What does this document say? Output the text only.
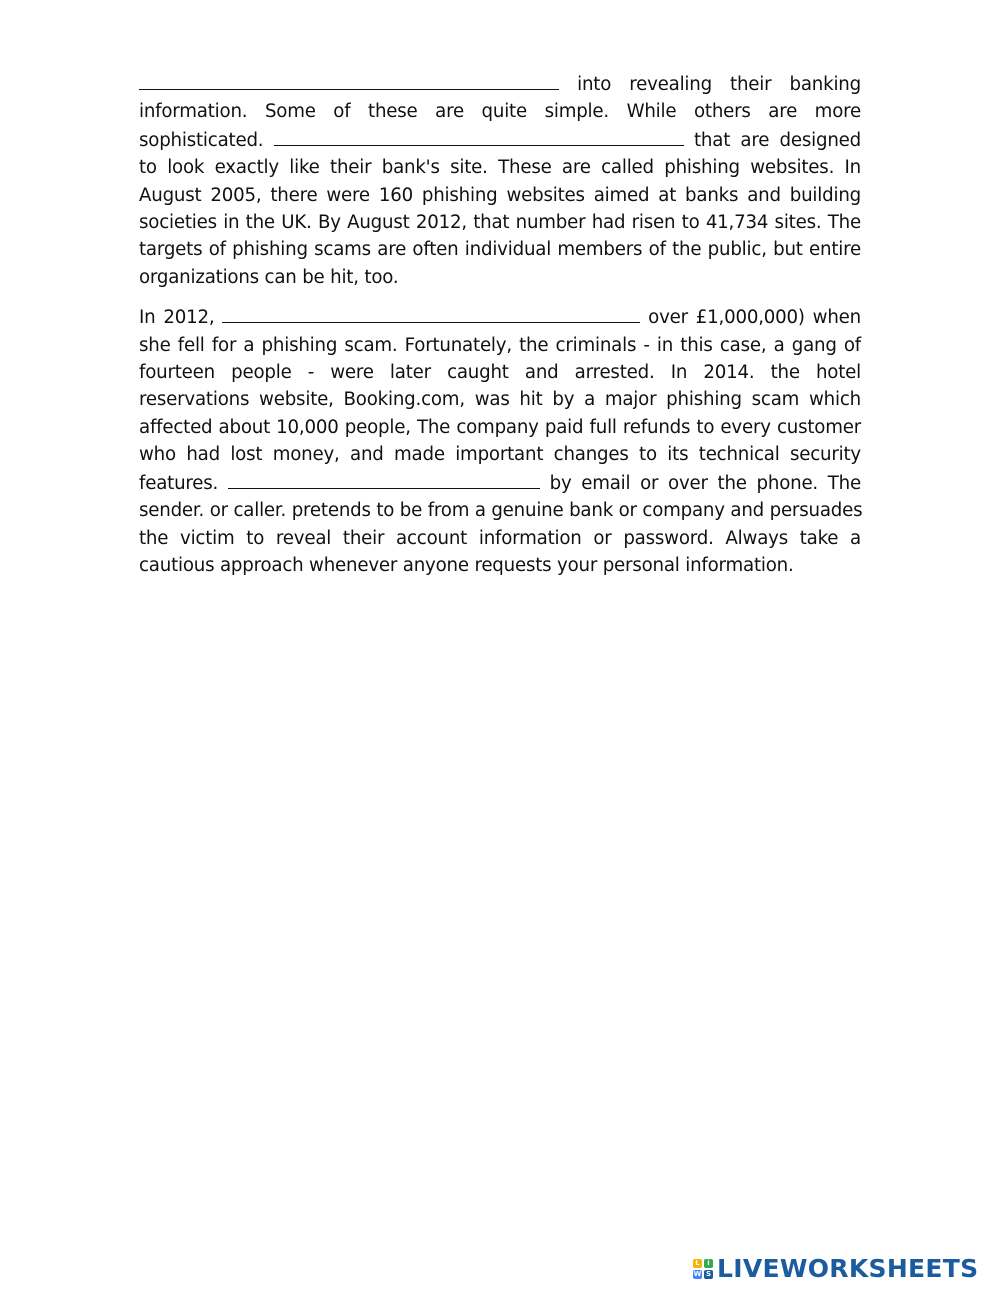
into revealing their banking
information. Some of these are quite simple. While others are more
sophisticated.	that are designed
to look exactly like their bank's site. These are called phishing websites. In
August 2005, there were 160 phishing websites aimed at banks and building
societies in the UK. By August 2012, that number had risen to 41,734 sites. The
targets of phishing scams are often individual members of the public, but entire
organizations can be hit, too.

In 2012,	over £1,000,000) when
she fell for a phishing scam. Fortunately, the criminals - in this case, a gang of
fourteen people - were later caught and arrested. In 2014. the hotel
reservations website, Booking.com, was hit by a major phishing scam which
affected about 10,000 people, The company paid full refunds to every customer
who had lost money, and made important changes to its technical security
features.	by email or over the phone. The
sender. or caller. pretends to be from a genuine bank or company and persuades
the victim to reveal their account information or password. Always take a
cautious approach whenever anyone requests your personal information.

L	i
W S LIVEWORKSHEETS
